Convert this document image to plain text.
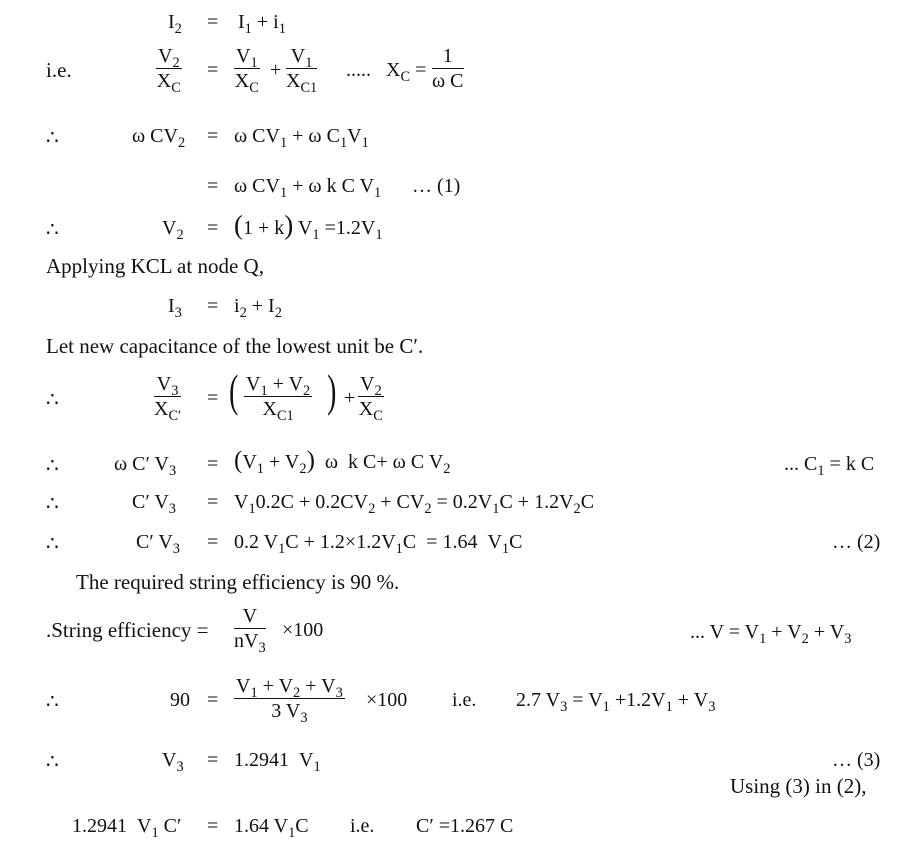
$I_2 = I_1 + i_1$
i.e.
$V_2$
$X_C$
=
$V_1$
$X_C$
+
$V_1$
$X_{C1}$
..... $X_C$ =
1
ω C
∴	ω $CV_2 = \omega$ $CV_1 + \omega$ $C_1V_1$
= ω $CV_1 + \omega$ k C $V_1$ … (1)
∴	$V_2 = (1 + k)$ $V_1 =1.2V_1$
Applying KCL at node Q,
$I_3 = i_2 + I_2$
Let new capacitance of the lowest unit be C′.
∴
$V_3$
$X_{C'}$
= ( $V_1 + V_2$
$X_{C1}$
) +
$V_2$
$X_C$
∴	ω C′ $V_3 = (V_1 + V_2)$  ω  k C+ ω C $V_2$	... $C_1 = k$ C
∴	C′ $V_3 = V_10.2C + 0.2CV_2 + CV_2 = 0.2V_1C + 1.2V_2C$
∴	C′ $V_3 = 0.2$ $V_1C + 1.2\times 1.2V_1C = 1.64$  $V_1C$	… (2)
The required string efficiency is 90 %.
.String efficiency =
V
$nV_3$
×100	... $V = V_1 + V_2 + V_3$
∴	90 =
$V_1 + V_2 + V_3$
3 $V_3$
×100 i.e. 2.7 $V_3 = V_1 +1.2V_1 + V_3$
∴	$V_3 = 1.2941$  $V_1$	… (3)
Using (3) in (2),
1.2941  $V_1$ C′ = 1.64 $V_1C$ i.e. C′ =1.267 C
